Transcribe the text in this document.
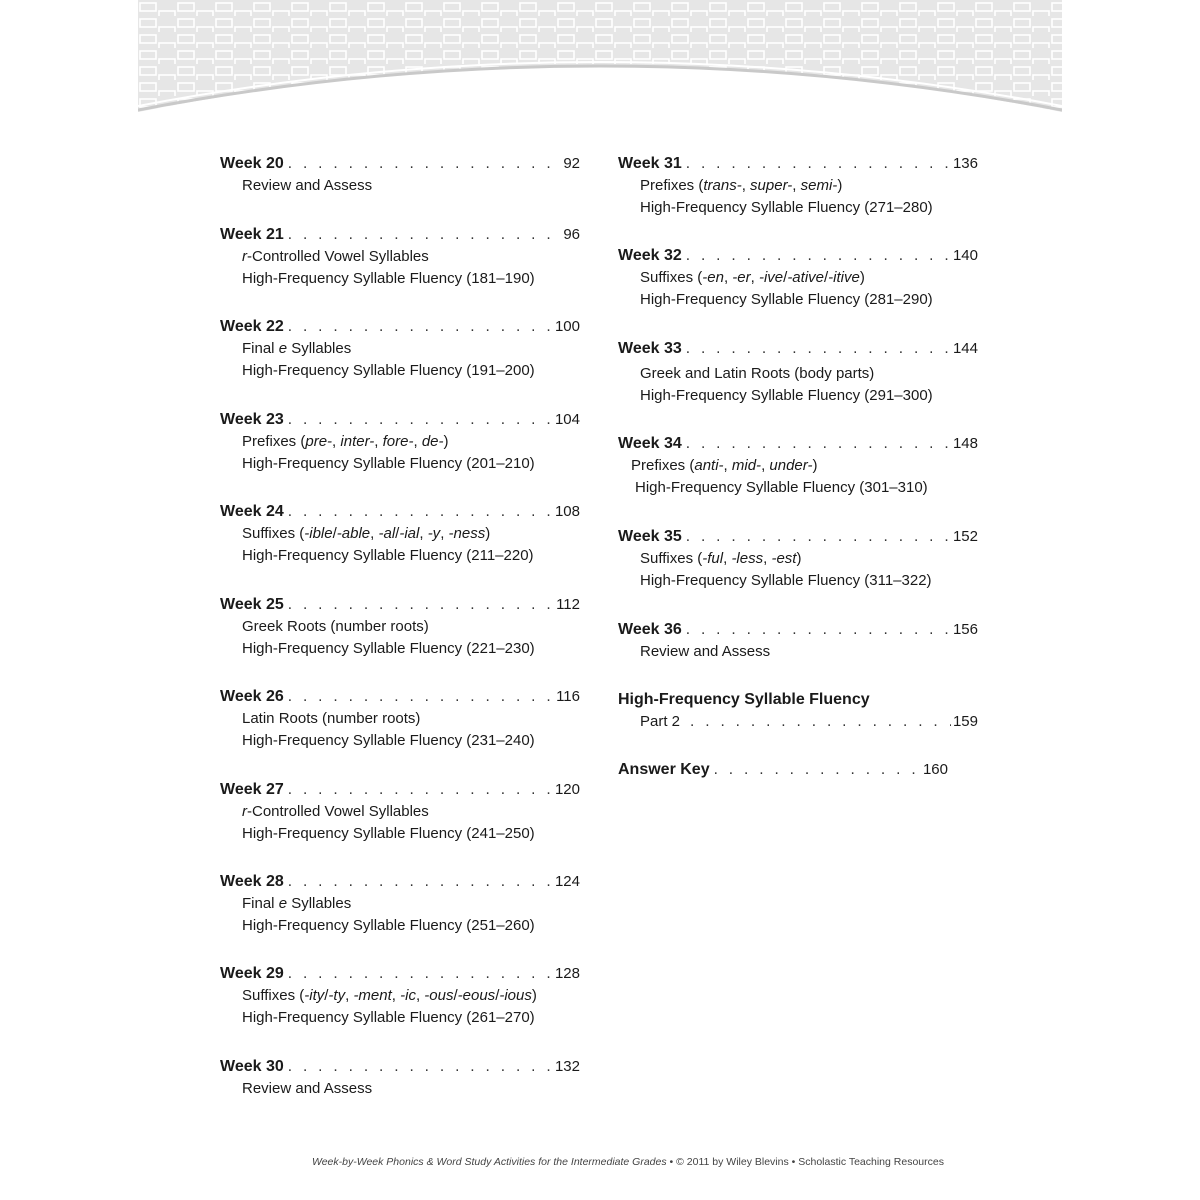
Week 20 . . .	92
Review and Assess
Week 21 . . .	96
r-Controlled Vowel Syllables
High-Frequency Syllable Fluency (181–190)
Week 22 . . .	100
Final e Syllables
High-Frequency Syllable Fluency (191–200)
Week 23 . . .	104
Prefixes (pre-, inter-, fore-, de-)
High-Frequency Syllable Fluency (201–210)
Week 24 . . .	108
Suffixes (-ible/-able, -al/-ial, -y, -ness)
High-Frequency Syllable Fluency (211–220)
Week 25 . . .	112
Greek Roots (number roots)
High-Frequency Syllable Fluency (221–230)
Week 26 . . .	116
Latin Roots (number roots)
High-Frequency Syllable Fluency (231–240)
Week 27 . . .	120
r-Controlled Vowel Syllables
High-Frequency Syllable Fluency (241–250)
Week 28 . . .	124
Final e Syllables
High-Frequency Syllable Fluency (251–260)
Week 29 . . .	128
Suffixes (-ity/-ty, -ment, -ic, -ous/-eous/-ious)
High-Frequency Syllable Fluency (261–270)
Week 30 . . .	132
Review and Assess
Week 31 . . .	136
Prefixes (trans-, super-, semi-)
High-Frequency Syllable Fluency (271–280)
Week 32 . . .	140
Suffixes (-en, -er, -ive/-ative/-itive)
High-Frequency Syllable Fluency (281–290)
Week 33 . . .	144
Greek and Latin Roots (body parts)
High-Frequency Syllable Fluency (291–300)
Week 34 . . .	148
Prefixes (anti-, mid-, under-)
High-Frequency Syllable Fluency (301–310)
Week 35 . . .	152
Suffixes (-ful, -less, -est)
High-Frequency Syllable Fluency (311–322)
Week 36 . . .	156
Review and Assess
High-Frequency Syllable Fluency
Part 2 . . .	159
Answer Key . . .	160
Week-by-Week Phonics & Word Study Activities for the Intermediate Grades • © 2011 by Wiley Blevins • Scholastic Teaching Resources
